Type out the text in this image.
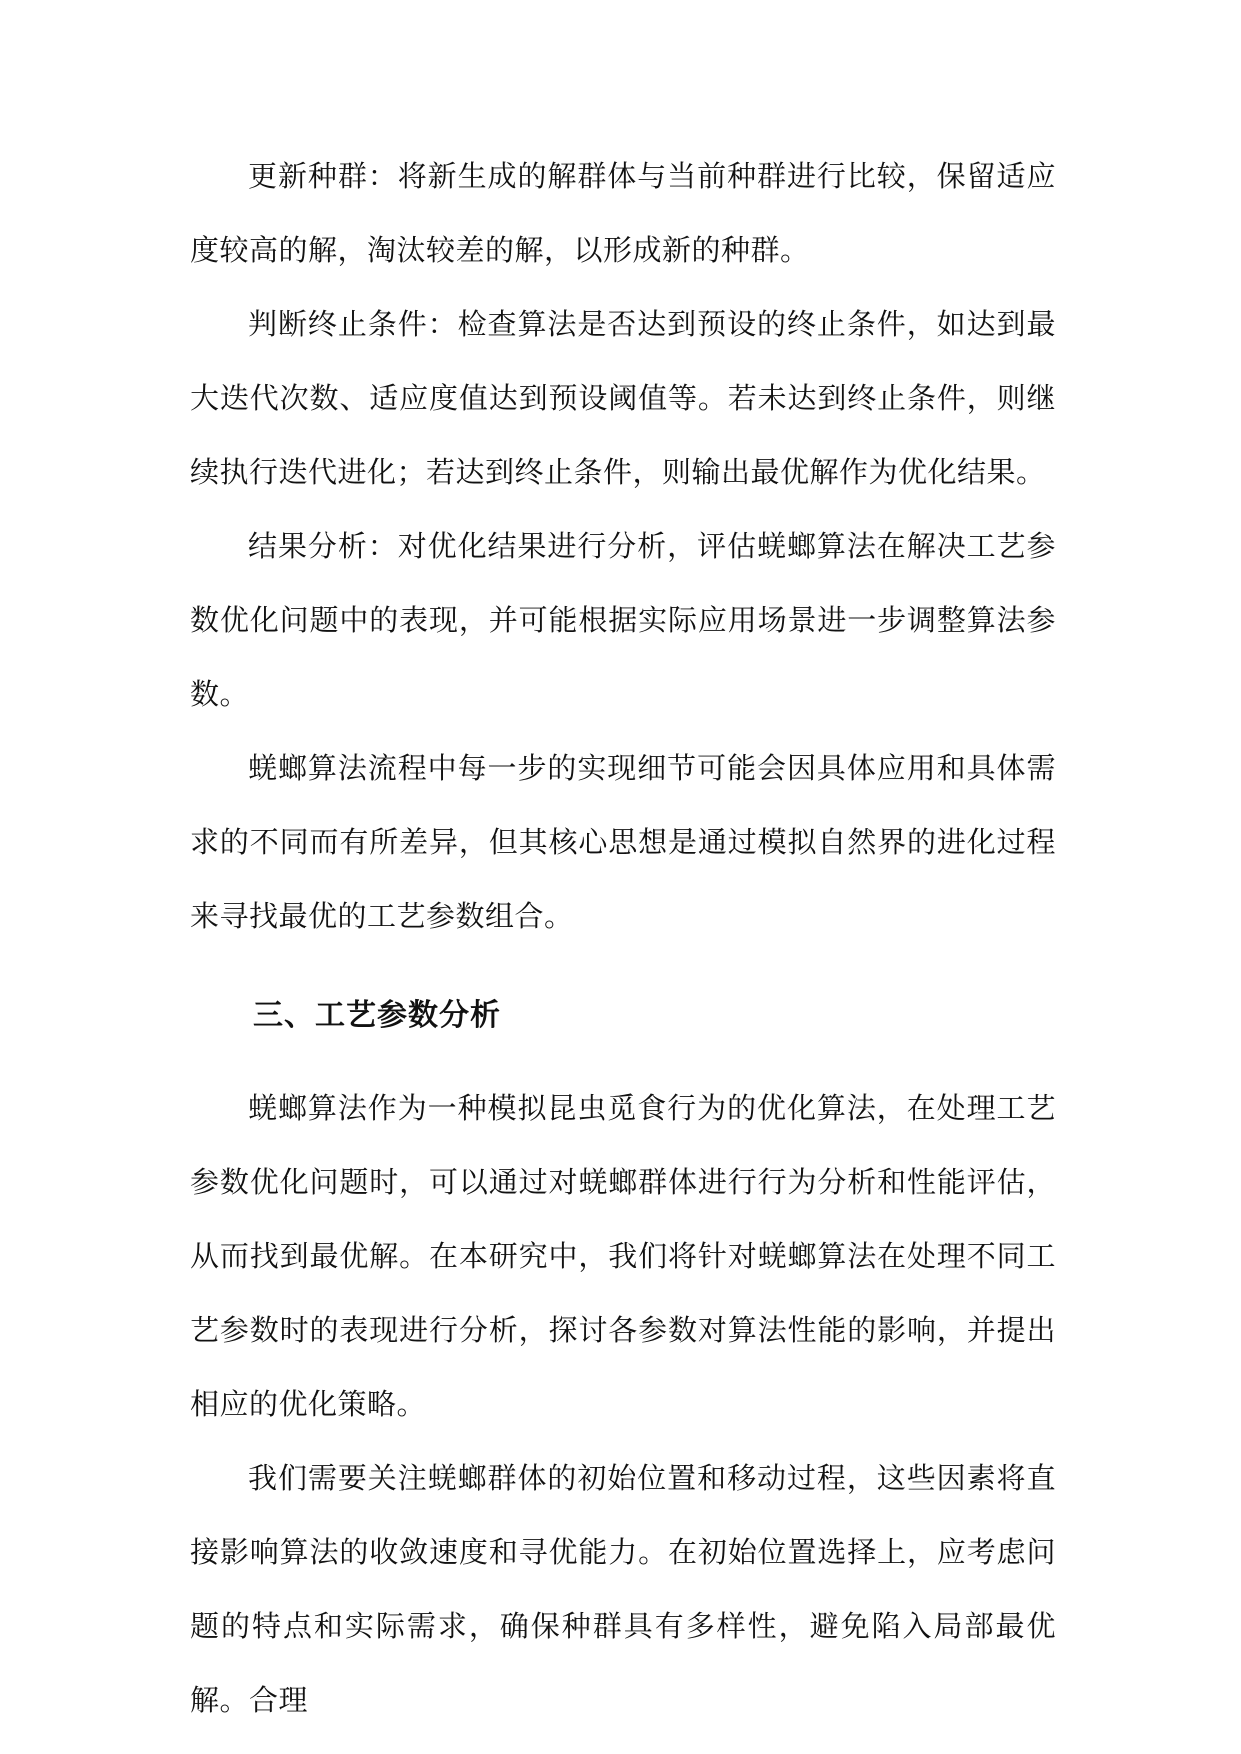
更新种群：将新生成的解群体与当前种群进行比较，保留适应度较高的解，淘汰较差的解，以形成新的种群。

判断终止条件：检查算法是否达到预设的终止条件，如达到最大迭代次数、适应度值达到预设阈值等。若未达到终止条件，则继续执行迭代进化；若达到终止条件，则输出最优解作为优化结果。

结果分析：对优化结果进行分析，评估蜣螂算法在解决工艺参数优化问题中的表现，并可能根据实际应用场景进一步调整算法参数。

蜣螂算法流程中每一步的实现细节可能会因具体应用和具体需求的不同而有所差异，但其核心思想是通过模拟自然界的进化过程来寻找最优的工艺参数组合。

三、工艺参数分析

蜣螂算法作为一种模拟昆虫觅食行为的优化算法，在处理工艺参数优化问题时，可以通过对蜣螂群体进行行为分析和性能评估，从而找到最优解。在本研究中，我们将针对蜣螂算法在处理不同工艺参数时的表现进行分析，探讨各参数对算法性能的影响，并提出相应的优化策略。

我们需要关注蜣螂群体的初始位置和移动过程，这些因素将直接影响算法的收敛速度和寻优能力。在初始位置选择上，应考虑问题的特点和实际需求，确保种群具有多样性，避免陷入局部最优解。合理
